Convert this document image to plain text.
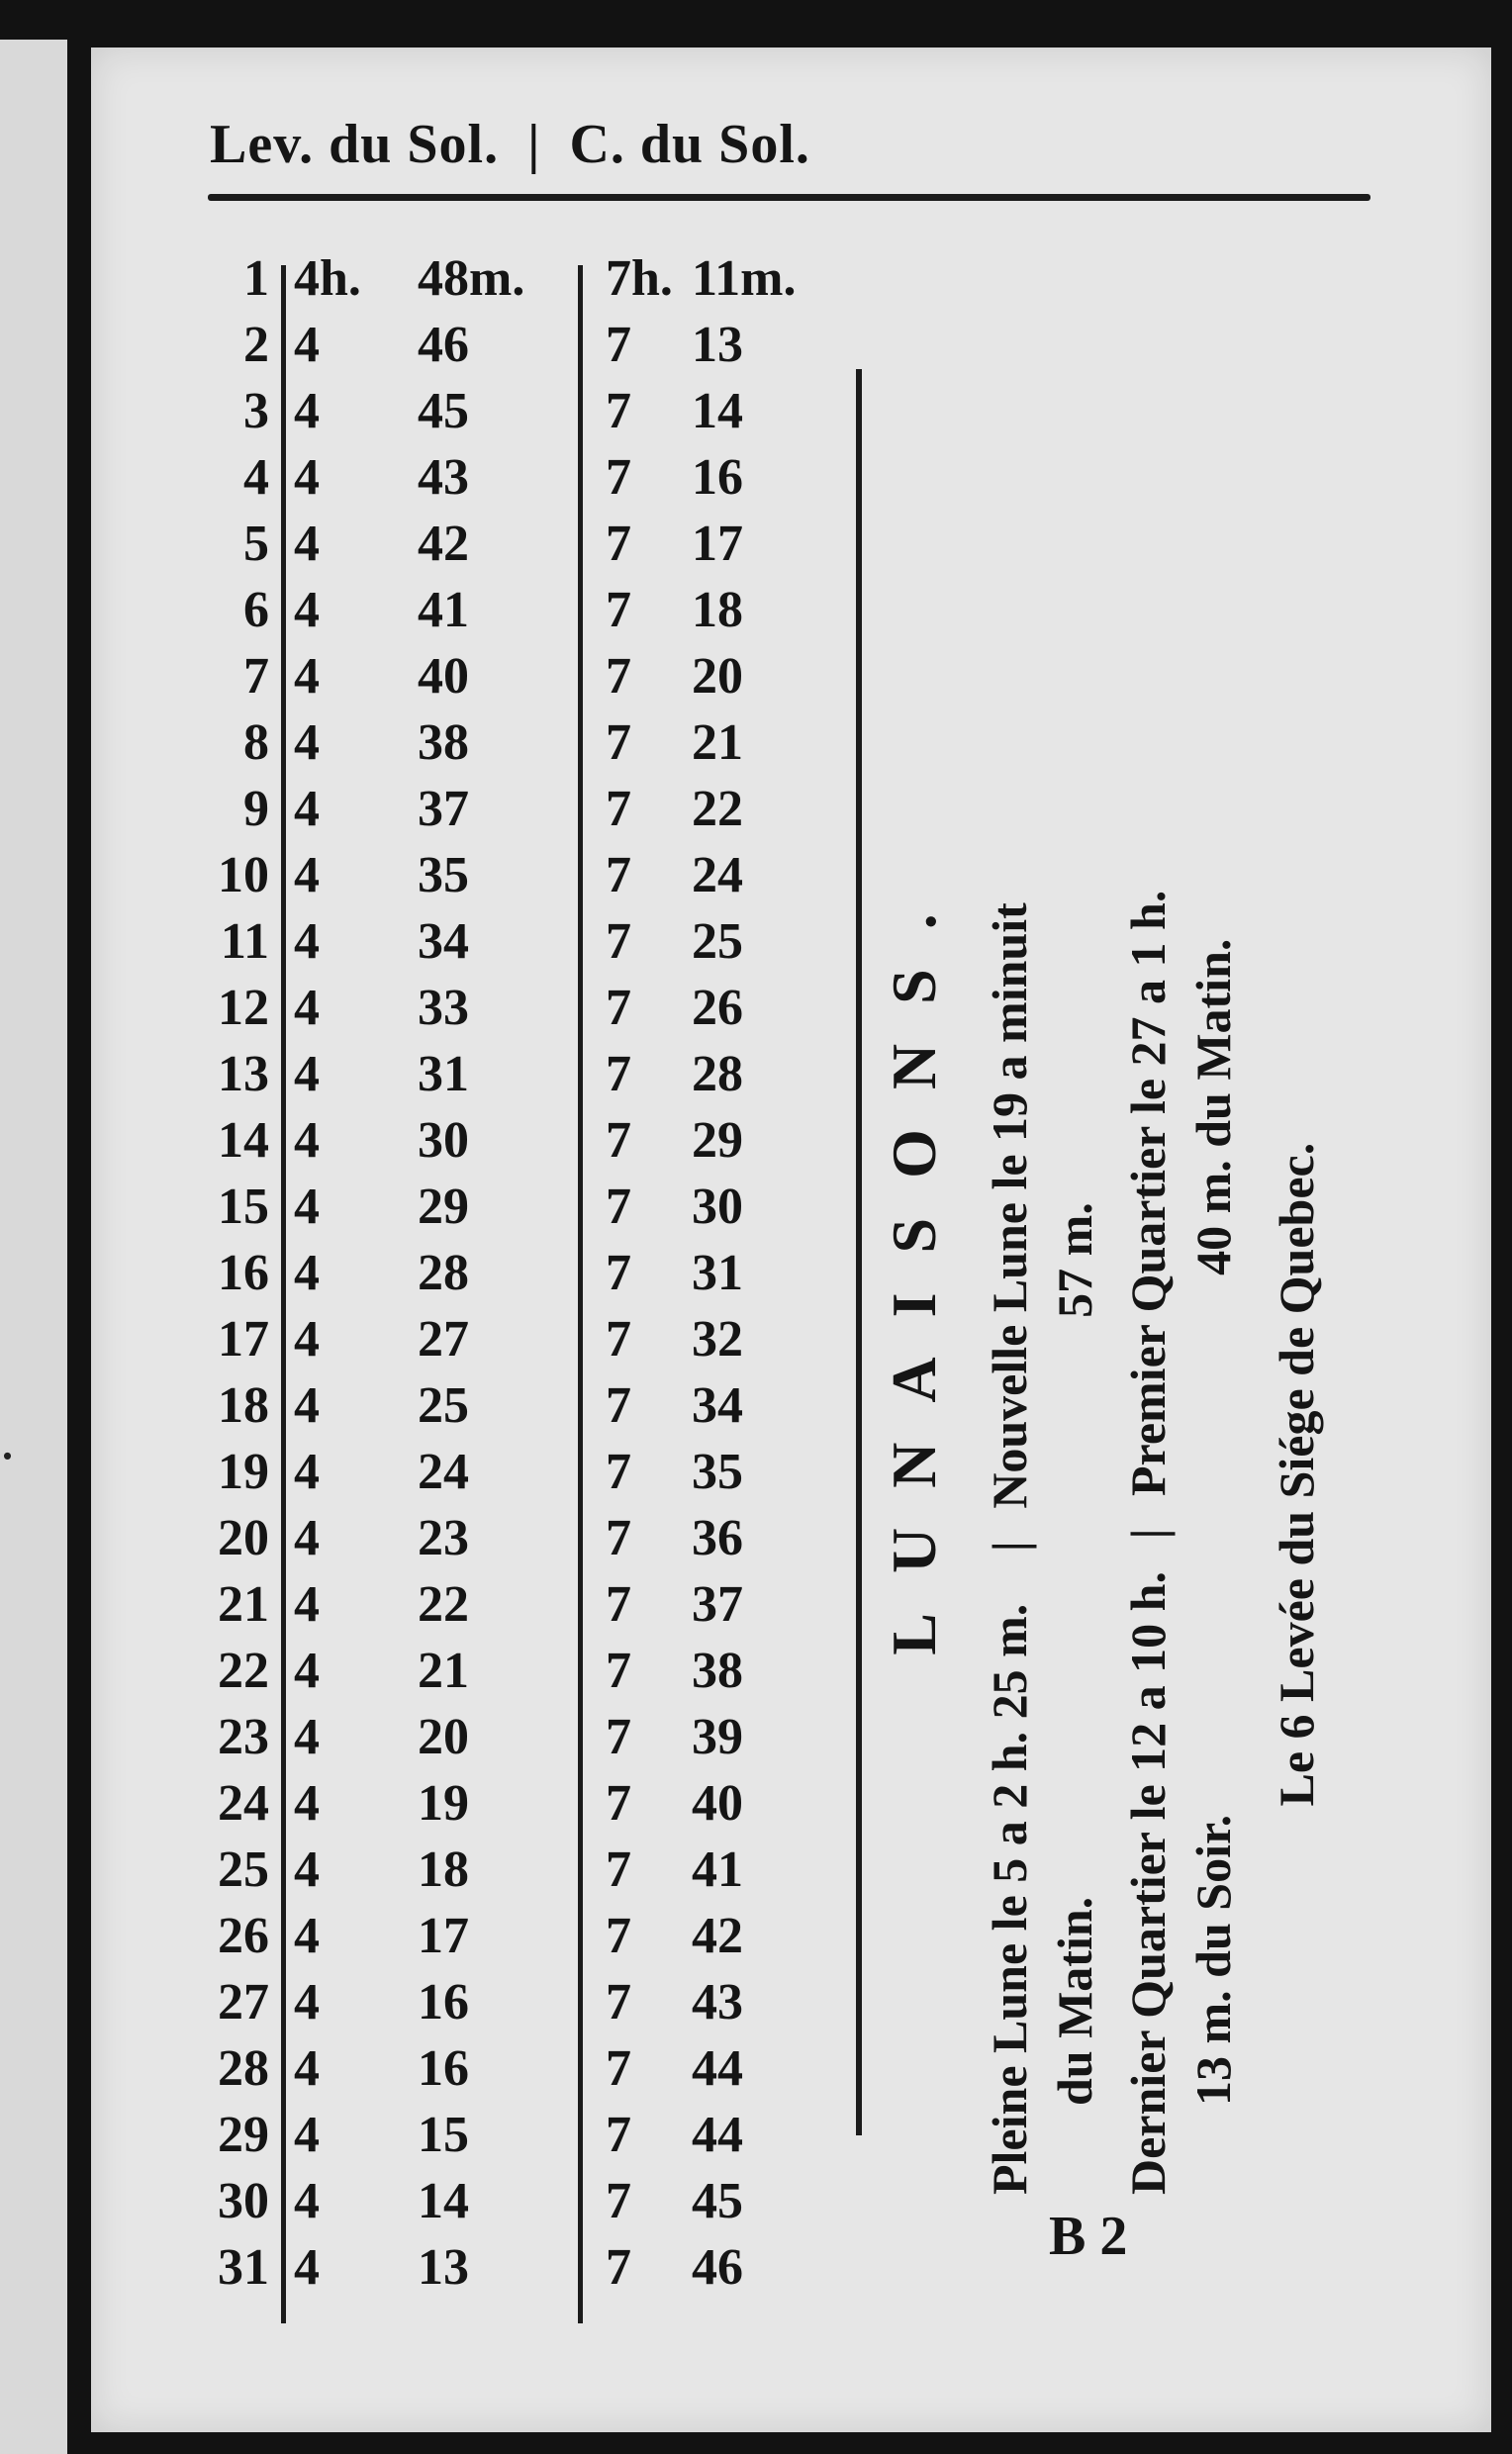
.
Lev. du Sol. | C. du Sol.
1
2
3
4
5
6
7
8
9
10
11
12
13
14
15
16
17
18
19
20
21
22
23
24
25
26
27
28
29
30
31
4h.
4
4
4
4
4
4
4
4
4
4
4
4
4
4
4
4
4
4
4
4
4
4
4
4
4
4
4
4
4
4
48m.
46
45
43
42
41
40
38
37
35
34
33
31
30
29
28
27
25
24
23
22
21
20
19
18
17
16
16
15
14
13
7h.
7
7
7
7
7
7
7
7
7
7
7
7
7
7
7
7
7
7
7
7
7
7
7
7
7
7
7
7
7
7
11m.
13
14
16
17
18
20
21
22
24
25
26
28
29
30
31
32
34
35
36
37
38
39
40
41
42
43
44
44
45
46
LUNAISONS.
Pleine Lune le 5 a 2 h. 25 m. | Nouvelle Lune le 19 a minuit
du Matin.  57 m.
Dernier Quartier le 12 a 10 h. | Premier Quartier le 27 a 1 h.
13 m. du Soir.  40 m. du Matin.
Le 6 Levée du Siége de Quebec.
B 2
